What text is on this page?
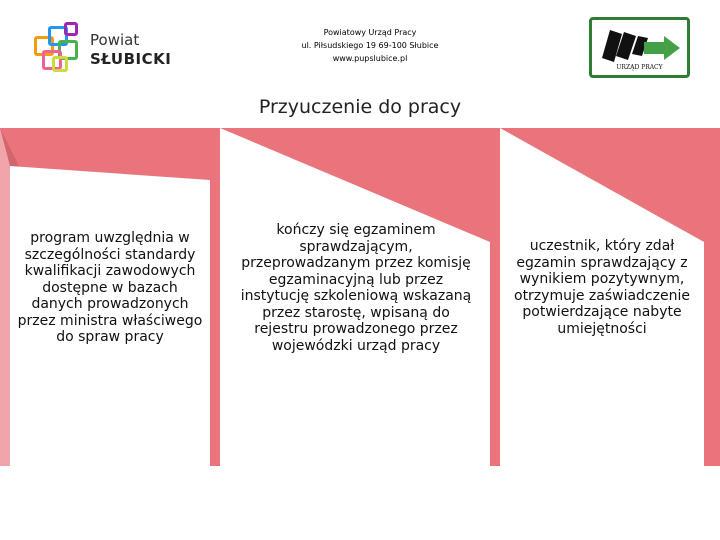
Powiat
SŁUBICKI
Powiatowy Urząd Pracy
ul. Piłsudskiego 19 69-100 Słubice
www.pupslubice.pl
URZĄD PRACY
Przyuczenie do pracy
program uwzględnia w szczególności standardy kwalifikacji zawodowych dostępne w bazach danych prowadzonych przez ministra właściwego do spraw pracy
kończy się egzaminem sprawdzającym, przeprowadzanym przez komisję egzaminacyjną lub przez instytucję szkoleniową wskazaną przez starostę, wpisaną do rejestru prowadzonego przez wojewódzki urząd pracy
uczestnik, który zdał egzamin sprawdzający z wynikiem pozytywnym, otrzymuje zaświadczenie potwierdzające nabyte umiejętności
